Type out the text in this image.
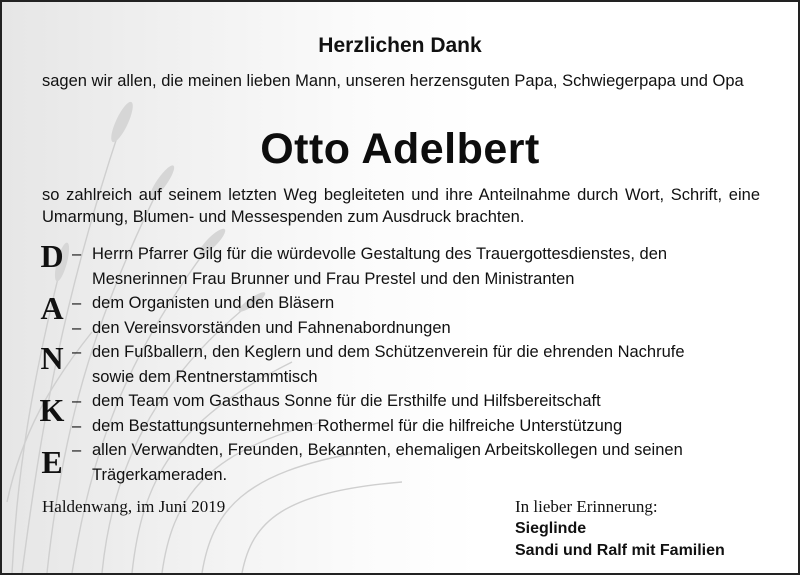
Herzlichen Dank
sagen wir allen, die meinen lieben Mann, unseren herzensguten Papa, Schwiegerpapa und Opa
Otto Adelbert
so zahlreich auf seinem letzten Weg begleiteten und ihre Anteilnahme durch Wort, Schrift, eine Umarmung, Blumen- und Messespenden zum Ausdruck brachten.
D
A
N
K
E
– Herrn Pfarrer Gilg für die würdevolle Gestaltung des Trauergottesdienstes, den Mesnerinnen Frau Brunner und Frau Prestel und den Ministranten
– dem Organisten und den Bläsern
– den Vereinsvorständen und Fahnenabordnungen
– den Fußballern, den Keglern und dem Schützenverein für die ehrenden Nachrufe sowie dem Rentnerstammtisch
– dem Team vom Gasthaus Sonne für die Ersthilfe und Hilfsbereitschaft
– dem Bestattungsunternehmen Rothermel für die hilfreiche Unterstützung
– allen Verwandten, Freunden, Bekannten, ehemaligen Arbeitskollegen und seinen Trägerkameraden.
Haldenwang, im Juni 2019	In lieber Erinnerung:
Sieglinde
Sandi und Ralf mit Familien
